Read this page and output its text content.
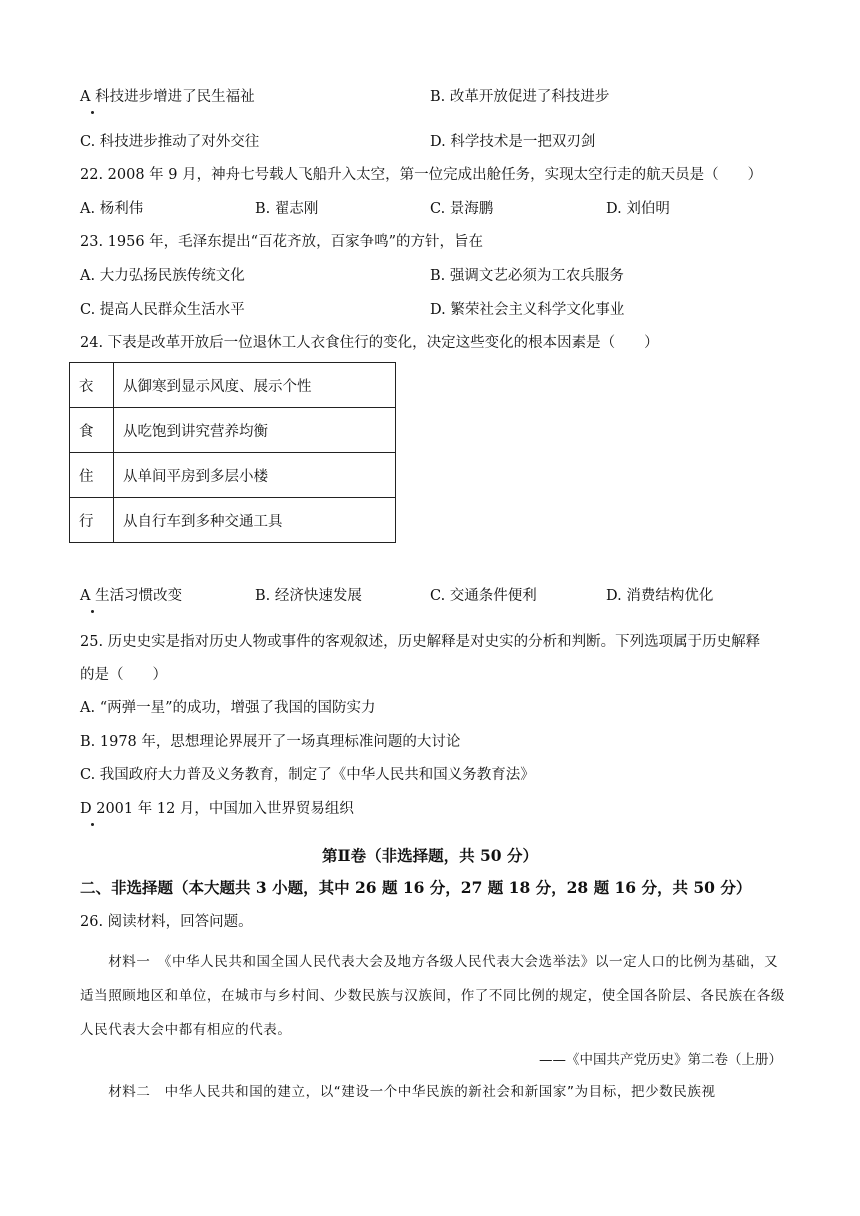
A 科技进步增进了民生福祉	B. 改革开放促进了科技进步
C. 科技进步推动了对外交往	D. 科学技术是一把双刃剑
22. 2008 年 9 月，神舟七号载人飞船升入太空，第一位完成出舱任务，实现太空行走的航天员是（　　）
A. 杨利伟	B. 翟志刚	C. 景海鹏	D. 刘伯明
23. 1956 年，毛泽东提出“百花齐放，百家争鸣”的方针，旨在
A. 大力弘扬民族传统文化	B. 强调文艺必须为工农兵服务
C. 提高人民群众生活水平	D. 繁荣社会主义科学文化事业
24. 下表是改革开放后一位退休工人衣食住行的变化，决定这些变化的根本因素是（　　）
衣	从御寒到显示风度、展示个性
食	从吃饱到讲究营养均衡
住	从单间平房到多层小楼
行	从自行车到多种交通工具
A 生活习惯改变	B. 经济快速发展	C. 交通条件便利	D. 消费结构优化
25. 历史史实是指对历史人物或事件的客观叙述，历史解释是对史实的分析和判断。下列选项属于历史解释
的是（　　）
A. “两弹一星”的成功，增强了我国的国防实力
B. 1978 年，思想理论界展开了一场真理标准问题的大讨论
C. 我国政府大力普及义务教育，制定了《中华人民共和国义务教育法》
D 2001 年 12 月，中国加入世界贸易组织
第Ⅱ卷（非选择题，共 50 分）
二、非选择题（本大题共 3 小题，其中 26 题 16 分，27 题 18 分，28 题 16 分，共 50 分）
26. 阅读材料，回答问题。
　　材料一　《中华人民共和国全国人民代表大会及地方各级人民代表大会选举法》以一定人口的比例为基础，又适当照顾地区和单位，在城市与乡村间、少数民族与汉族间，作了不同比例的规定，使全国各阶层、各民族在各级人民代表大会中都有相应的代表。
——《中国共产党历史》第二卷（上册）
　　材料二　中华人民共和国的建立，以“建设一个中华民族的新社会和新国家”为目标，把少数民族视
